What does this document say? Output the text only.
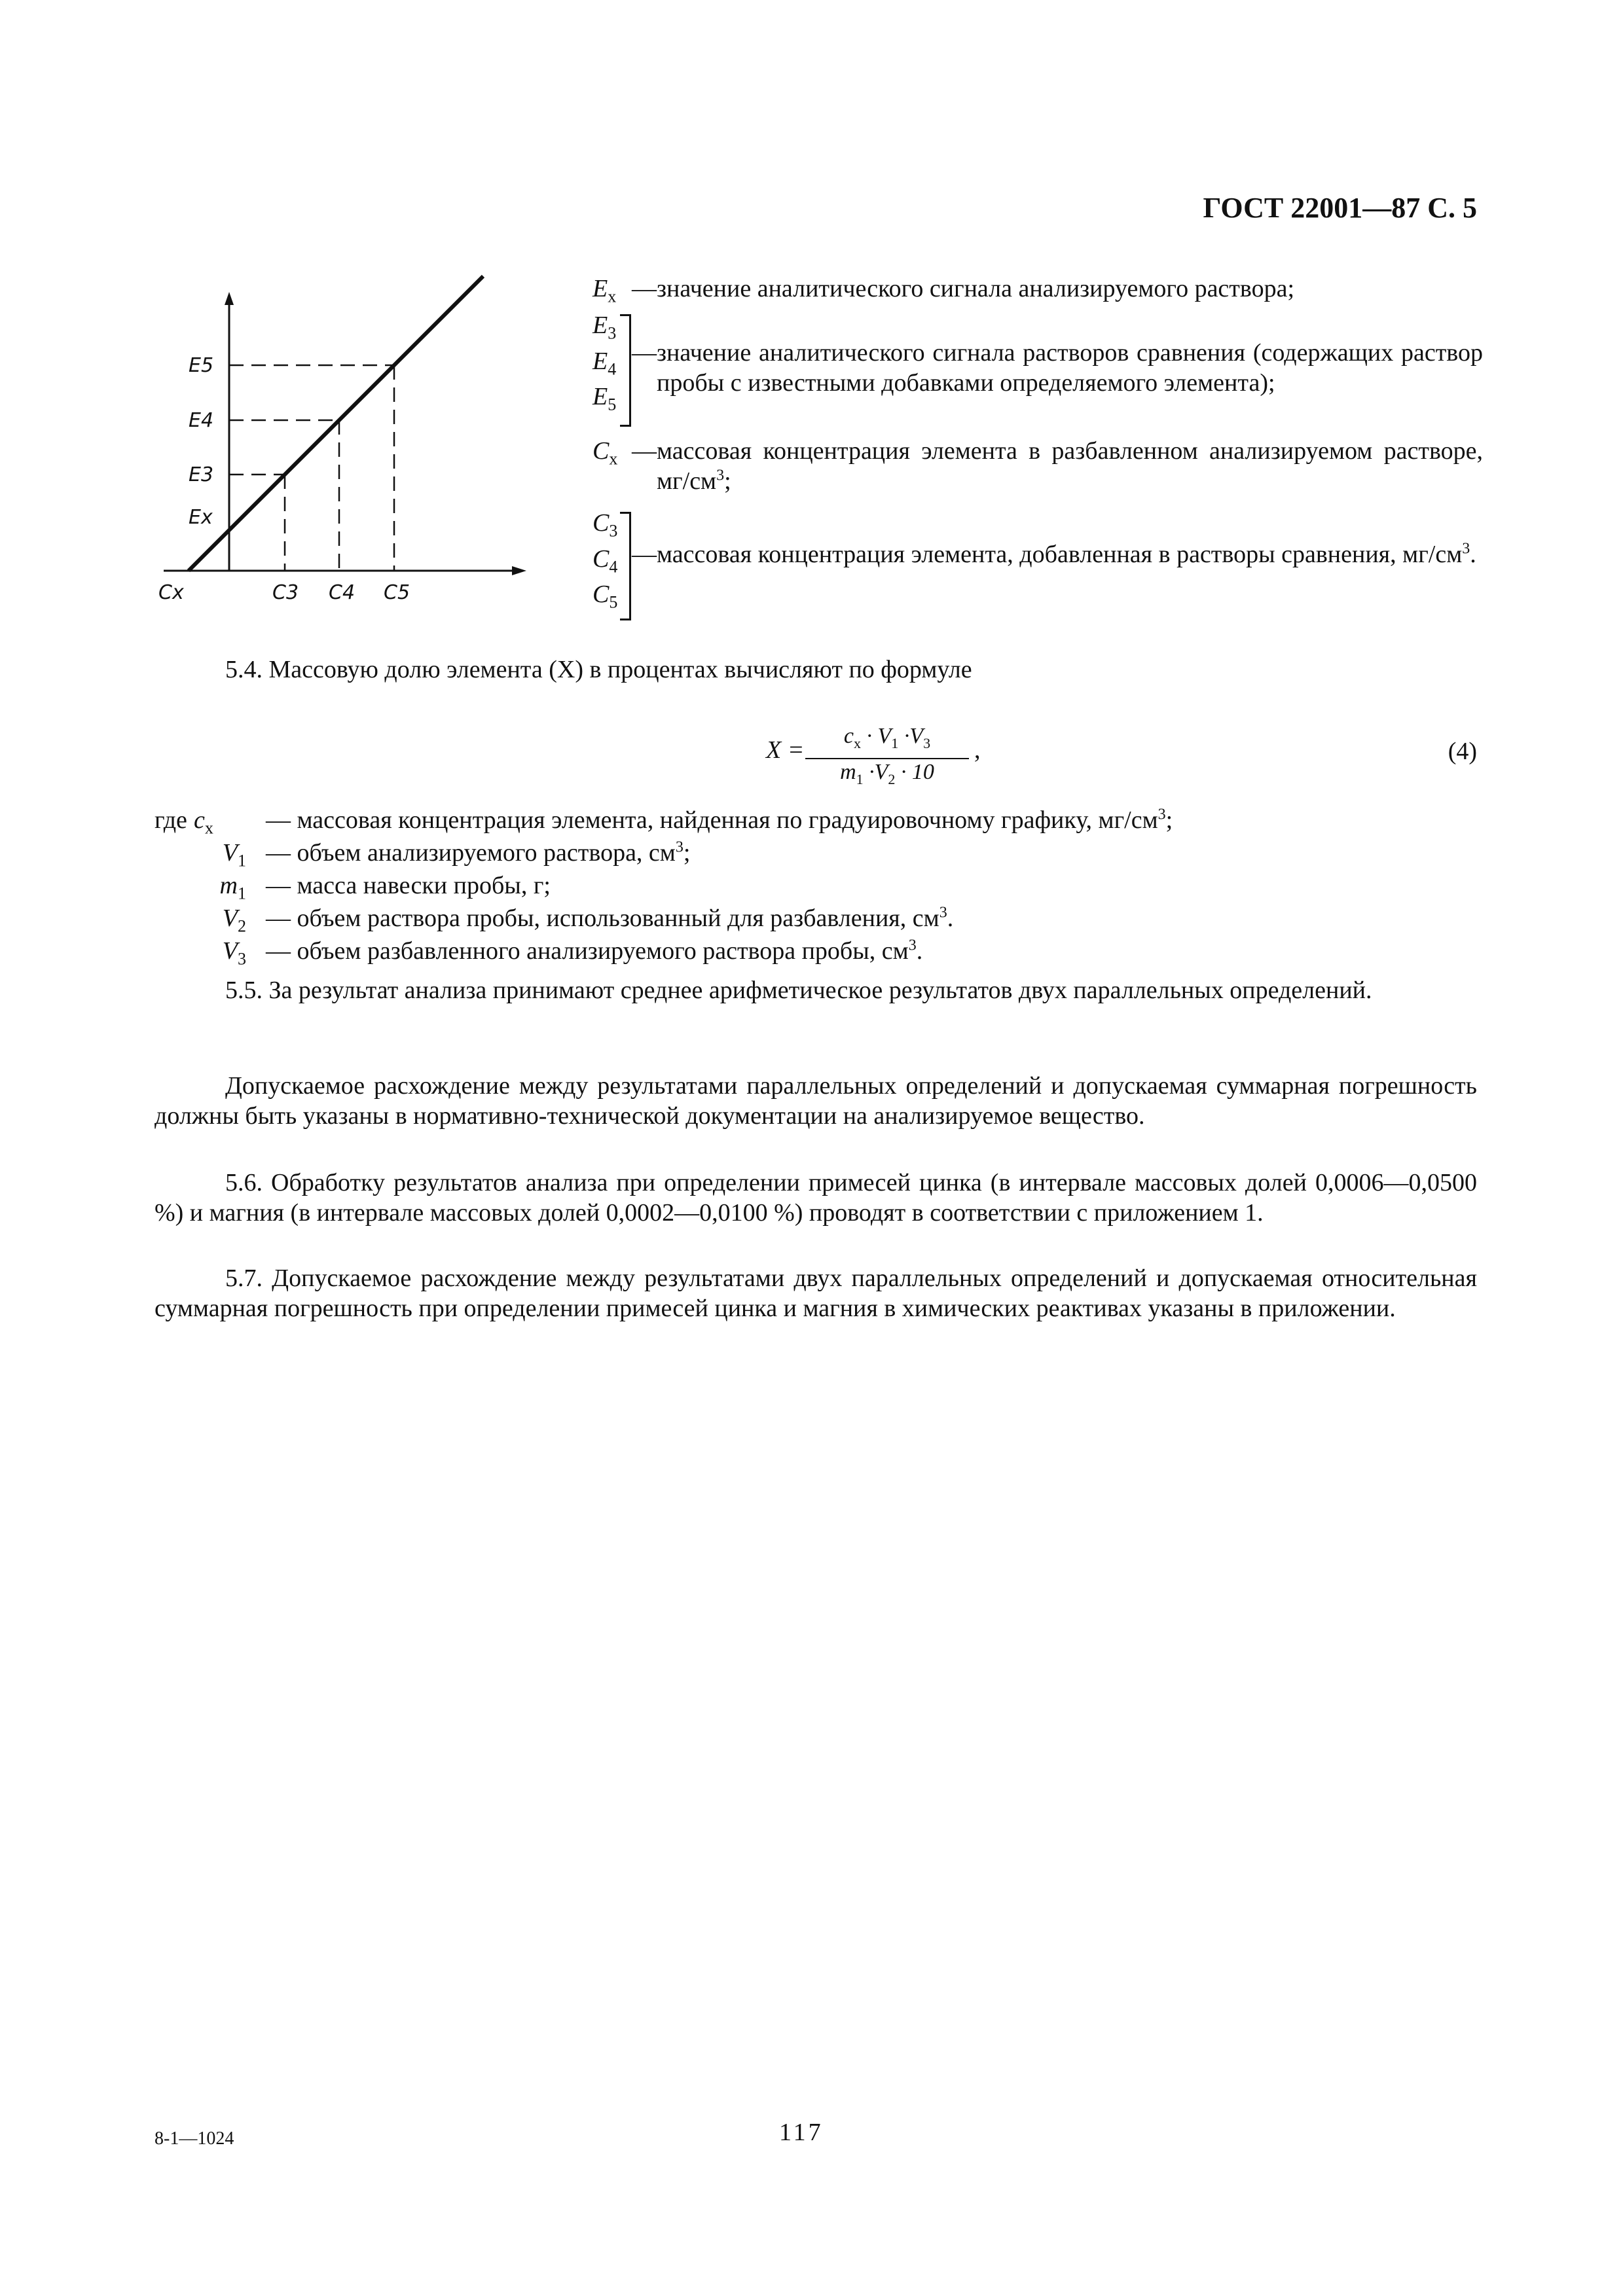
ГОСТ 22001—87 С. 5
E5
E4
E3
Ex
Cx	C3 C4 C5
$E_x$ — значение аналитического сигнала анализируемого раствора;
$E_3$
$E_4$
$E_5$
— значение аналитического сигнала растворов сравнения (содержащих раствор пробы с известными добавками определяемого элемента);
$C_x$ — массовая концентрация элемента в разбавленном анализируемом растворе, $мг/см^3$;
$C_3$
$C_4$
$C_5$
— массовая концентрация элемента, добавленная в растворы сравнения, $мг/см^3$.
5.4. Массовую долю элемента (X) в процентах вычисляют по формуле
$X = \frac{c_x \cdot V_1 \cdot V_3}{m_1 \cdot V_2 \cdot 10}$ ,	(4)
где $c_x$	— массовая концентрация элемента, найденная по градуировочному графику, $мг/см^3$;
$V_1$ — объем анализируемого раствора, $см^3$;
$m_1$ — масса навески пробы, г;
$V_2$ — объем раствора пробы, использованный для разбавления, $см^3$.
$V_3$ — объем разбавленного анализируемого раствора пробы, $см^3$.
5.5. За результат анализа принимают среднее арифметическое результатов двух параллельных определений.
Допускаемое расхождение между результатами параллельных определений и допускаемая суммарная погрешность должны быть указаны в нормативно-технической документации на анализируемое вещество.
5.6. Обработку результатов анализа при определении примесей цинка (в интервале массовых долей 0,0006—0,0500 %) и магния (в интервале массовых долей 0,0002—0,0100 %) проводят в соответствии с приложением 1.
5.7. Допускаемое расхождение между результатами двух параллельных определений и допускаемая относительная суммарная погрешность при определении примесей цинка и магния в химических реактивах указаны в приложении.
8-1—1024	117
